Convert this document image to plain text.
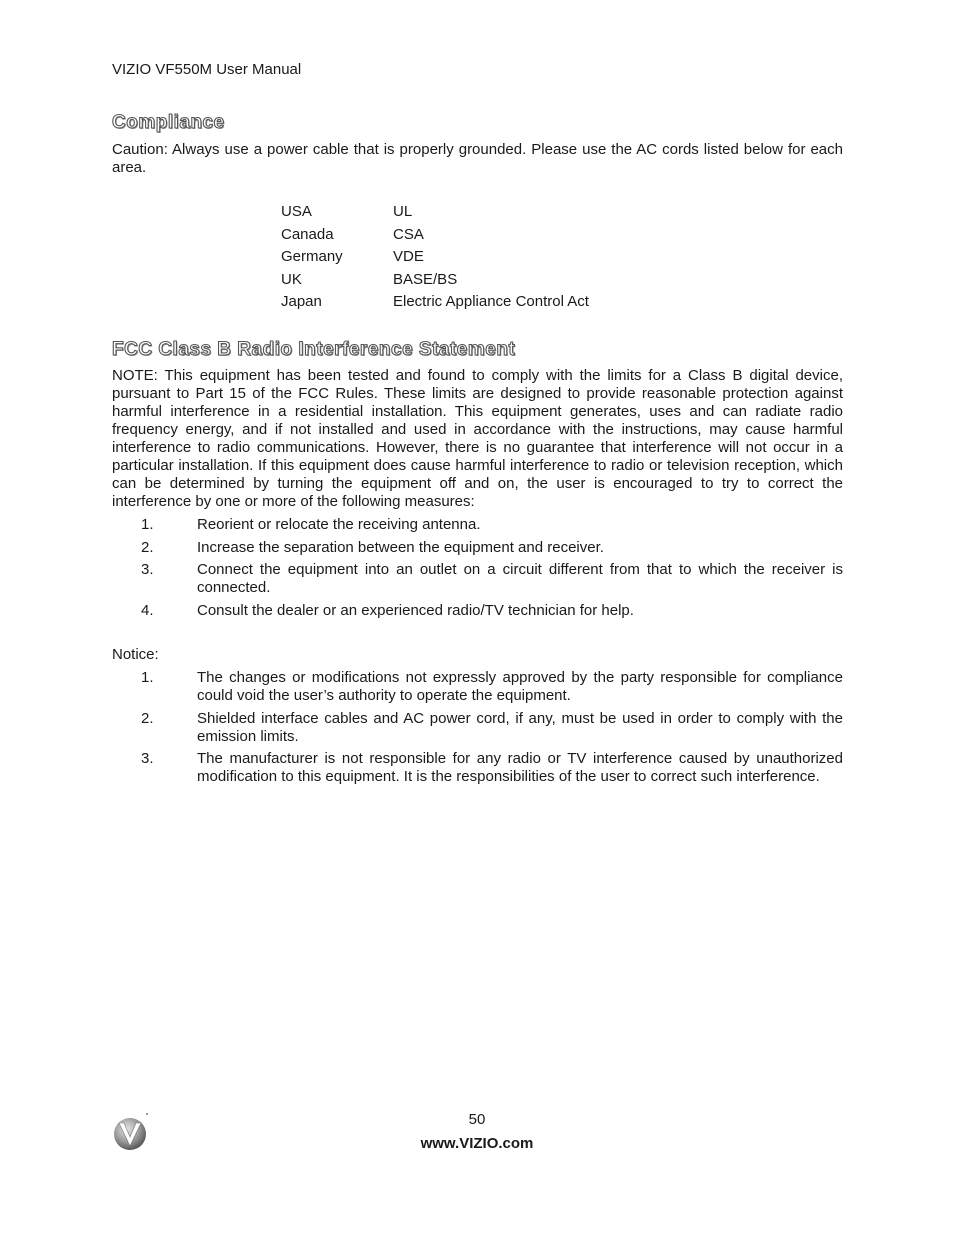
VIZIO VF550M User Manual
Compliance
Caution: Always use a power cable that is properly grounded. Please use the AC cords listed below for each area.
USA	UL
Canada	CSA
Germany	VDE
UK	BASE/BS
Japan	Electric Appliance Control Act
FCC Class B Radio Interference Statement
NOTE: This equipment has been tested and found to comply with the limits for a Class B digital device, pursuant to Part 15 of the FCC Rules. These limits are designed to provide reasonable protection against harmful interference in a residential installation. This equipment generates, uses and can radiate radio frequency energy, and if not installed and used in accordance with the instructions, may cause harmful interference to radio communications. However, there is no guarantee that interference will not occur in a particular installation. If this equipment does cause harmful interference to radio or television reception, which can be determined by turning the equipment off and on, the user is encouraged to try to correct the interference by one or more of the following measures:
1.	Reorient or relocate the receiving antenna.
2.	Increase the separation between the equipment and receiver.
3.	Connect the equipment into an outlet on a circuit different from that to which the receiver is connected.
4.	Consult the dealer or an experienced radio/TV technician for help.
Notice:
1.	The changes or modifications not expressly approved by the party responsible for compliance could void the user’s authority to operate the equipment.
2.	Shielded interface cables and AC power cord, if any, must be used in order to comply with the emission limits.
3.	The manufacturer is not responsible for any radio or TV interference caused by unauthorized modification to this equipment. It is the responsibilities of the user to correct such interference.
50
www.VIZIO.com
